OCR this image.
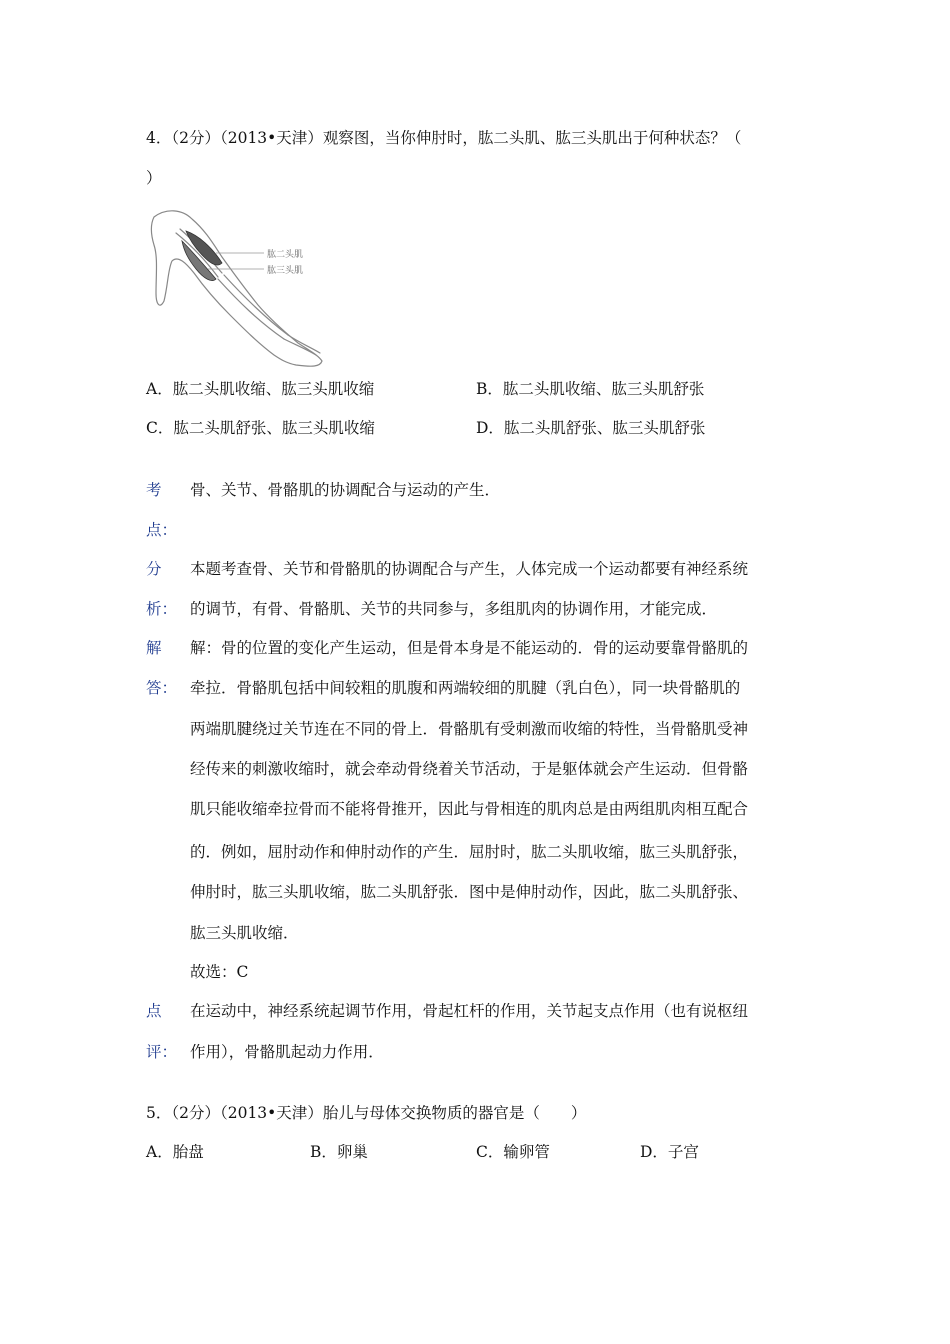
4．（2分）（2013•天津）观察图，当你伸肘时，肱二头肌、肱三头肌出于何种状态？（
）
肱二头肌
肱三头肌
A．肱二头肌收缩、肱三头肌收缩	B．肱二头肌收缩、肱三头肌舒张
C．肱二头肌舒张、肱三头肌收缩	D．肱二头肌舒张、肱三头肌舒张
考
点：
骨、关节、骨骼肌的协调配合与运动的产生．
分
析：
本题考查骨、关节和骨骼肌的协调配合与产生，人体完成一个运动都要有神经系统
的调节，有骨、骨骼肌、关节的共同参与，多组肌肉的协调作用，才能完成．
解
答：
解：骨的位置的变化产生运动，但是骨本身是不能运动的．骨的运动要靠骨骼肌的
牵拉．骨骼肌包括中间较粗的肌腹和两端较细的肌腱（乳白色），同一块骨骼肌的
两端肌腱绕过关节连在不同的骨上．骨骼肌有受刺激而收缩的特性，当骨骼肌受神
经传来的刺激收缩时，就会牵动骨绕着关节活动，于是躯体就会产生运动．但骨骼
肌只能收缩牵拉骨而不能将骨推开，因此与骨相连的肌肉总是由两组肌肉相互配合
的．例如，屈肘动作和伸肘动作的产生．屈肘时，肱二头肌收缩，肱三头肌舒张，
伸肘时，肱三头肌收缩，肱二头肌舒张．图中是伸肘动作，因此，肱二头肌舒张、
肱三头肌收缩．
故选：C
点
评：
在运动中，神经系统起调节作用，骨起杠杆的作用，关节起支点作用（也有说枢纽
作用），骨骼肌起动力作用．
5．（2分）（2013•天津）胎儿与母体交换物质的器官是（　　）
A．胎盘	B．卵巢	C．输卵管	D．子宫
